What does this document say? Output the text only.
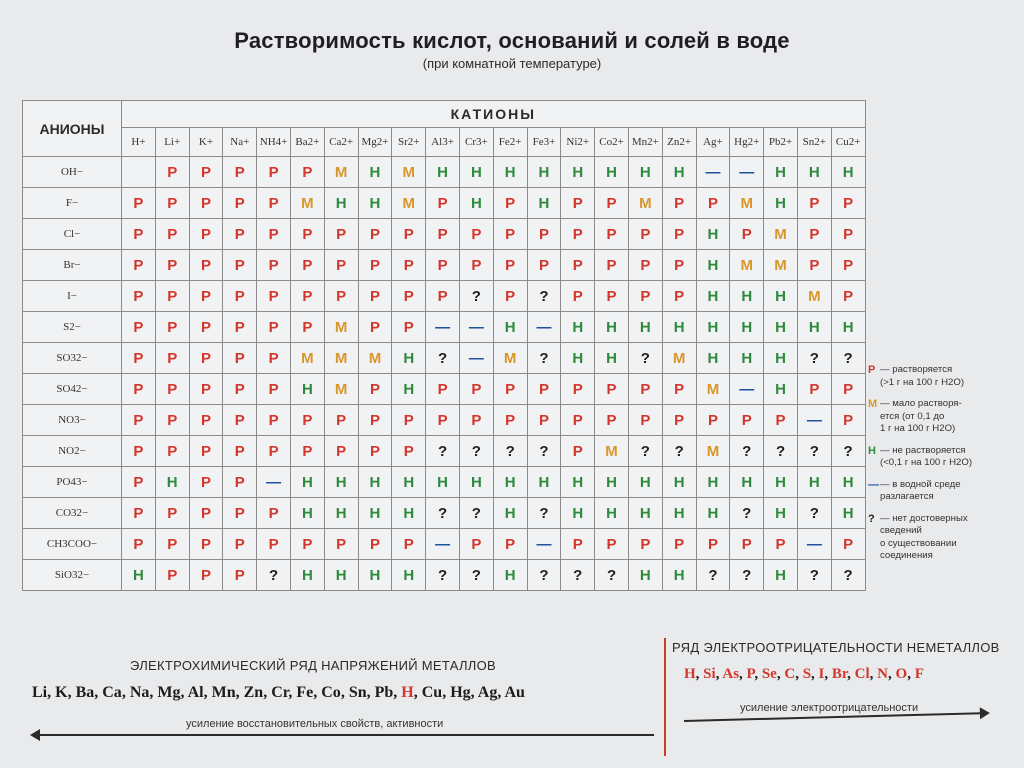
Растворимость кислот, оснований и солей в воде
(при комнатной температуре)
АНИОНЫ	КАТИОНЫ																					
	H+	Li+	K+	Na+	NH4+	Ba2+	Ca2+	Mg2+	Sr2+	Al3+	Cr3+	Fe2+	Fe3+	Ni2+	Co2+	Mn2+	Zn2+	Ag+	Hg2+	Pb2+	Sn2+	Cu2+
OH−		Р	Р	Р	Р	Р	М	Н	М	Н	Н	Н	Н	Н	Н	Н	Н	—	—	Н	Н	Н
F−	Р	Р	Р	Р	Р	М	Н	Н	М	Р	Н	Р	Н	Р	Р	М	Р	Р	М	Н	Р	Р
Cl−	Р	Р	Р	Р	Р	Р	Р	Р	Р	Р	Р	Р	Р	Р	Р	Р	Р	Н	Р	М	Р	Р
Br−	Р	Р	Р	Р	Р	Р	Р	Р	Р	Р	Р	Р	Р	Р	Р	Р	Р	Н	М	М	Р	Р
I−	Р	Р	Р	Р	Р	Р	Р	Р	Р	Р	?	Р	?	Р	Р	Р	Р	Н	Н	Н	М	Р
S2−	Р	Р	Р	Р	Р	Р	М	Р	Р	—	—	Н	—	Н	Н	Н	Н	Н	Н	Н	Н	Н
SO32−	Р	Р	Р	Р	Р	М	М	М	Н	?	—	М	?	Н	Н	?	М	Н	Н	Н	?	?
SO42−	Р	Р	Р	Р	Р	Н	М	Р	Н	Р	Р	Р	Р	Р	Р	Р	Р	М	—	Н	Р	Р
NO3−	Р	Р	Р	Р	Р	Р	Р	Р	Р	Р	Р	Р	Р	Р	Р	Р	Р	Р	Р	Р	—	Р
NO2−	Р	Р	Р	Р	Р	Р	Р	Р	Р	?	?	?	?	Р	М	?	?	М	?	?	?	?
PO43−	Р	Н	Р	Р	—	Н	Н	Н	Н	Н	Н	Н	Н	Н	Н	Н	Н	Н	Н	Н	Н	Н
CO32−	Р	Р	Р	Р	Р	Н	Н	Н	Н	?	?	Н	?	Н	Н	Н	Н	Н	?	Н	?	Н
CH3COO−	Р	Р	Р	Р	Р	Р	Р	Р	Р	—	Р	Р	—	Р	Р	Р	Р	Р	Р	Р	—	Р
SiO32−	Н	Р	Р	Р	?	Н	Н	Н	Н	?	?	Н	?	?	?	Н	Н	?	?	Н	?	?
Р — растворяется
(>1 г на 100 г H2O)
М — мало растворя-
ется (от 0,1 до
1 г на 100 г H2O)
Н — не растворяется
(<0,1 г на 100 г H2O)
— — в водной среде
разлагается
? — нет достоверных
сведений
о существовании
соединения
ЭЛЕКТРОХИМИЧЕСКИЙ РЯД НАПРЯЖЕНИЙ МЕТАЛЛОВ
Li, K, Ba, Ca, Na, Mg, Al, Mn, Zn, Cr, Fe, Co, Sn, Pb, H, Cu, Hg, Ag, Au
усиление восстановительных свойств, активности
РЯД ЭЛЕКТРООТРИЦАТЕЛЬНОСТИ НЕМЕТАЛЛОВ
H, Si, As, P, Se, C, S, I, Br, Cl, N, O, F
усиление электроотрицательности
